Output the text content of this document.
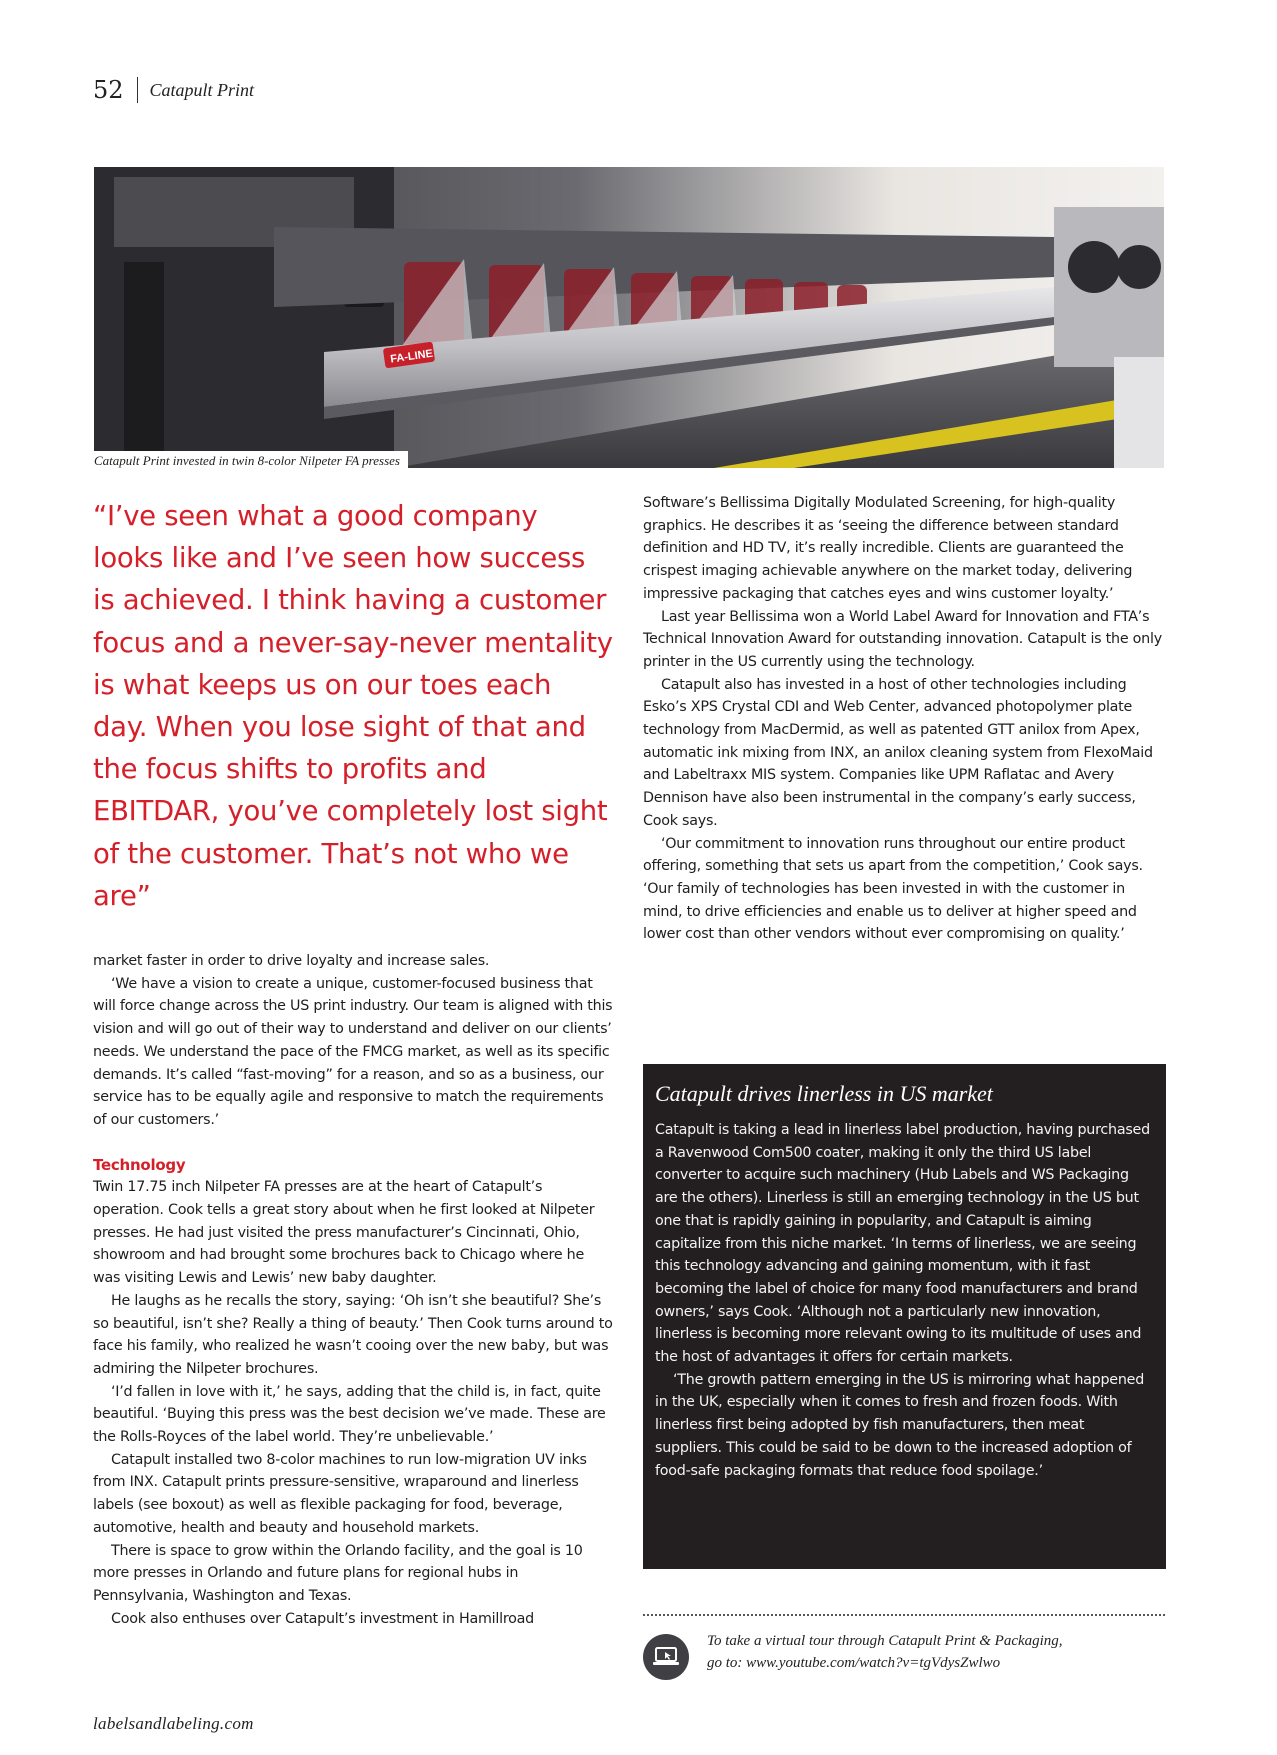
52 Catapult Print
FA-LINE
Catapult Print invested in twin 8-color Nilpeter FA presses
“I’ve seen what a good company looks like and I’ve seen how success is achieved. I think having a customer focus and a never-say-never mentality is what keeps us on our toes each day. When you lose sight of that and the focus shifts to profits and EBITDAR, you’ve completely lost sight of the customer. That’s not who we are”

market faster in order to drive loyalty and increase sales.

‘We have a vision to create a unique, customer-focused business that will force change across the US print industry. Our team is aligned with this vision and will go out of their way to understand and deliver on our clients’ needs. We understand the pace of the FMCG market, as well as its specific demands. It’s called “fast-moving” for a reason, and so as a business, our service has to be equally agile and responsive to match the requirements of our customers.’

Technology

Twin 17.75 inch Nilpeter FA presses are at the heart of Catapult’s operation. Cook tells a great story about when he first looked at Nilpeter presses. He had just visited the press manufacturer’s Cincinnati, Ohio, showroom and had brought some brochures back to Chicago where he was visiting Lewis and Lewis’ new baby daughter.

He laughs as he recalls the story, saying: ‘Oh isn’t she beautiful? She’s so beautiful, isn’t she? Really a thing of beauty.’ Then Cook turns around to face his family, who realized he wasn’t cooing over the new baby, but was admiring the Nilpeter brochures.

‘I’d fallen in love with it,’ he says, adding that the child is, in fact, quite beautiful. ‘Buying this press was the best decision we’ve made. These are the Rolls-Royces of the label world. They’re unbelievable.’

Catapult installed two 8-color machines to run low-migration UV inks from INX. Catapult prints pressure-sensitive, wraparound and linerless labels (see boxout) as well as flexible packaging for food, beverage, automotive, health and beauty and household markets.

There is space to grow within the Orlando facility, and the goal is 10 more presses in Orlando and future plans for regional hubs in Pennsylvania, Washington and Texas.

Cook also enthuses over Catapult’s investment in Hamillroad

Software’s Bellissima Digitally Modulated Screening, for high-quality graphics. He describes it as ‘seeing the difference between standard definition and HD TV, it’s really incredible. Clients are guaranteed the crispest imaging achievable anywhere on the market today, delivering impressive packaging that catches eyes and wins customer loyalty.’

Last year Bellissima won a World Label Award for Innovation and FTA’s Technical Innovation Award for outstanding innovation. Catapult is the only printer in the US currently using the technology.

Catapult also has invested in a host of other technologies including Esko’s XPS Crystal CDI and Web Center, advanced photopolymer plate technology from MacDermid, as well as patented GTT anilox from Apex, automatic ink mixing from INX, an anilox cleaning system from FlexoMaid and Labeltraxx MIS system. Companies like UPM Raflatac and Avery Dennison have also been instrumental in the company’s early success, Cook says.

‘Our commitment to innovation runs throughout our entire product offering, something that sets us apart from the competition,’ Cook says. ‘Our family of technologies has been invested in with the customer in mind, to drive efficiencies and enable us to deliver at higher speed and lower cost than other vendors without ever compromising on quality.’

Catapult drives linerless in US market

Catapult is taking a lead in linerless label production, having purchased a Ravenwood Com500 coater, making it only the third US label converter to acquire such machinery (Hub Labels and WS Packaging are the others). Linerless is still an emerging technology in the US but one that is rapidly gaining in popularity, and Catapult is aiming capitalize from this niche market. ‘In terms of linerless, we are seeing this technology advancing and gaining momentum, with it fast becoming the label of choice for many food manufacturers and brand owners,’ says Cook. ‘Although not a particularly new innovation, linerless is becoming more relevant owing to its multitude of uses and the host of advantages it offers for certain markets.

‘The growth pattern emerging in the US is mirroring what happened in the UK, especially when it comes to fresh and frozen foods. With linerless first being adopted by fish manufacturers, then meat suppliers. This could be said to be down to the increased adoption of food-safe packaging formats that reduce food spoilage.’

To take a virtual tour through Catapult Print & Packaging,
go to: www.youtube.com/watch?v=tgVdysZwlwo
labelsandlabeling.com
